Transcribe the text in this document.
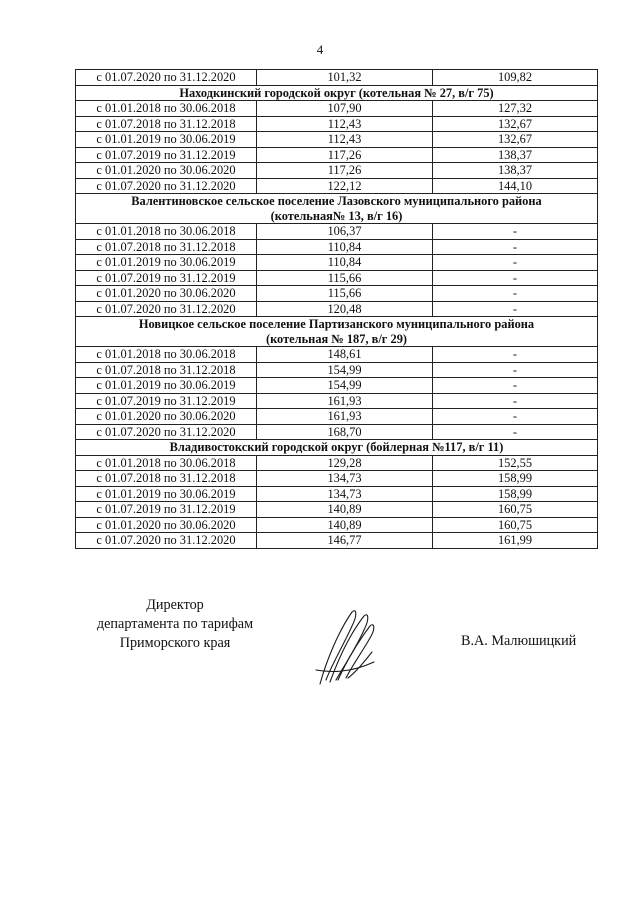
4
с 01.07.2020 по 31.12.2020	101,32	109,82

Находкинский городской округ (котельная № 27, в/г 75)		

с 01.01.2018 по 30.06.2018	107,90	127,32
с 01.07.2018 по 31.12.2018	112,43	132,67
с 01.01.2019 по 30.06.2019	112,43	132,67
с 01.07.2019 по 31.12.2019	117,26	138,37
с 01.01.2020 по 30.06.2020	117,26	138,37
с 01.07.2020 по 31.12.2020	122,12	144,10

Валентиновское сельское поселение Лазовского муниципального района
(котельная№ 13, в/г 16)		

с 01.01.2018 по 30.06.2018	106,37	-
с 01.07.2018 по 31.12.2018	110,84	-
с 01.01.2019 по 30.06.2019	110,84	-
с 01.07.2019 по 31.12.2019	115,66	-
с 01.01.2020 по 30.06.2020	115,66	-
с 01.07.2020 по 31.12.2020	120,48	-

Новицкое сельское поселение Партизанского муниципального района
(котельная № 187, в/г 29)		

с 01.01.2018 по 30.06.2018	148,61	-
с 01.07.2018 по 31.12.2018	154,99	-
с 01.01.2019 по 30.06.2019	154,99	-
с 01.07.2019 по 31.12.2019	161,93	-
с 01.01.2020 по 30.06.2020	161,93	-
с 01.07.2020 по 31.12.2020	168,70	-

Владивостокский городской округ (бойлерная №117, в/г 11)		

с 01.01.2018 по 30.06.2018	129,28	152,55
с 01.07.2018 по 31.12.2018	134,73	158,99
с 01.01.2019 по 30.06.2019	134,73	158,99
с 01.07.2019 по 31.12.2019	140,89	160,75
с 01.01.2020 по 30.06.2020	140,89	160,75
с 01.07.2020 по 31.12.2020	146,77	161,99
Директор
департамента по тарифам
Приморского края	В.А. Малюшицкий
